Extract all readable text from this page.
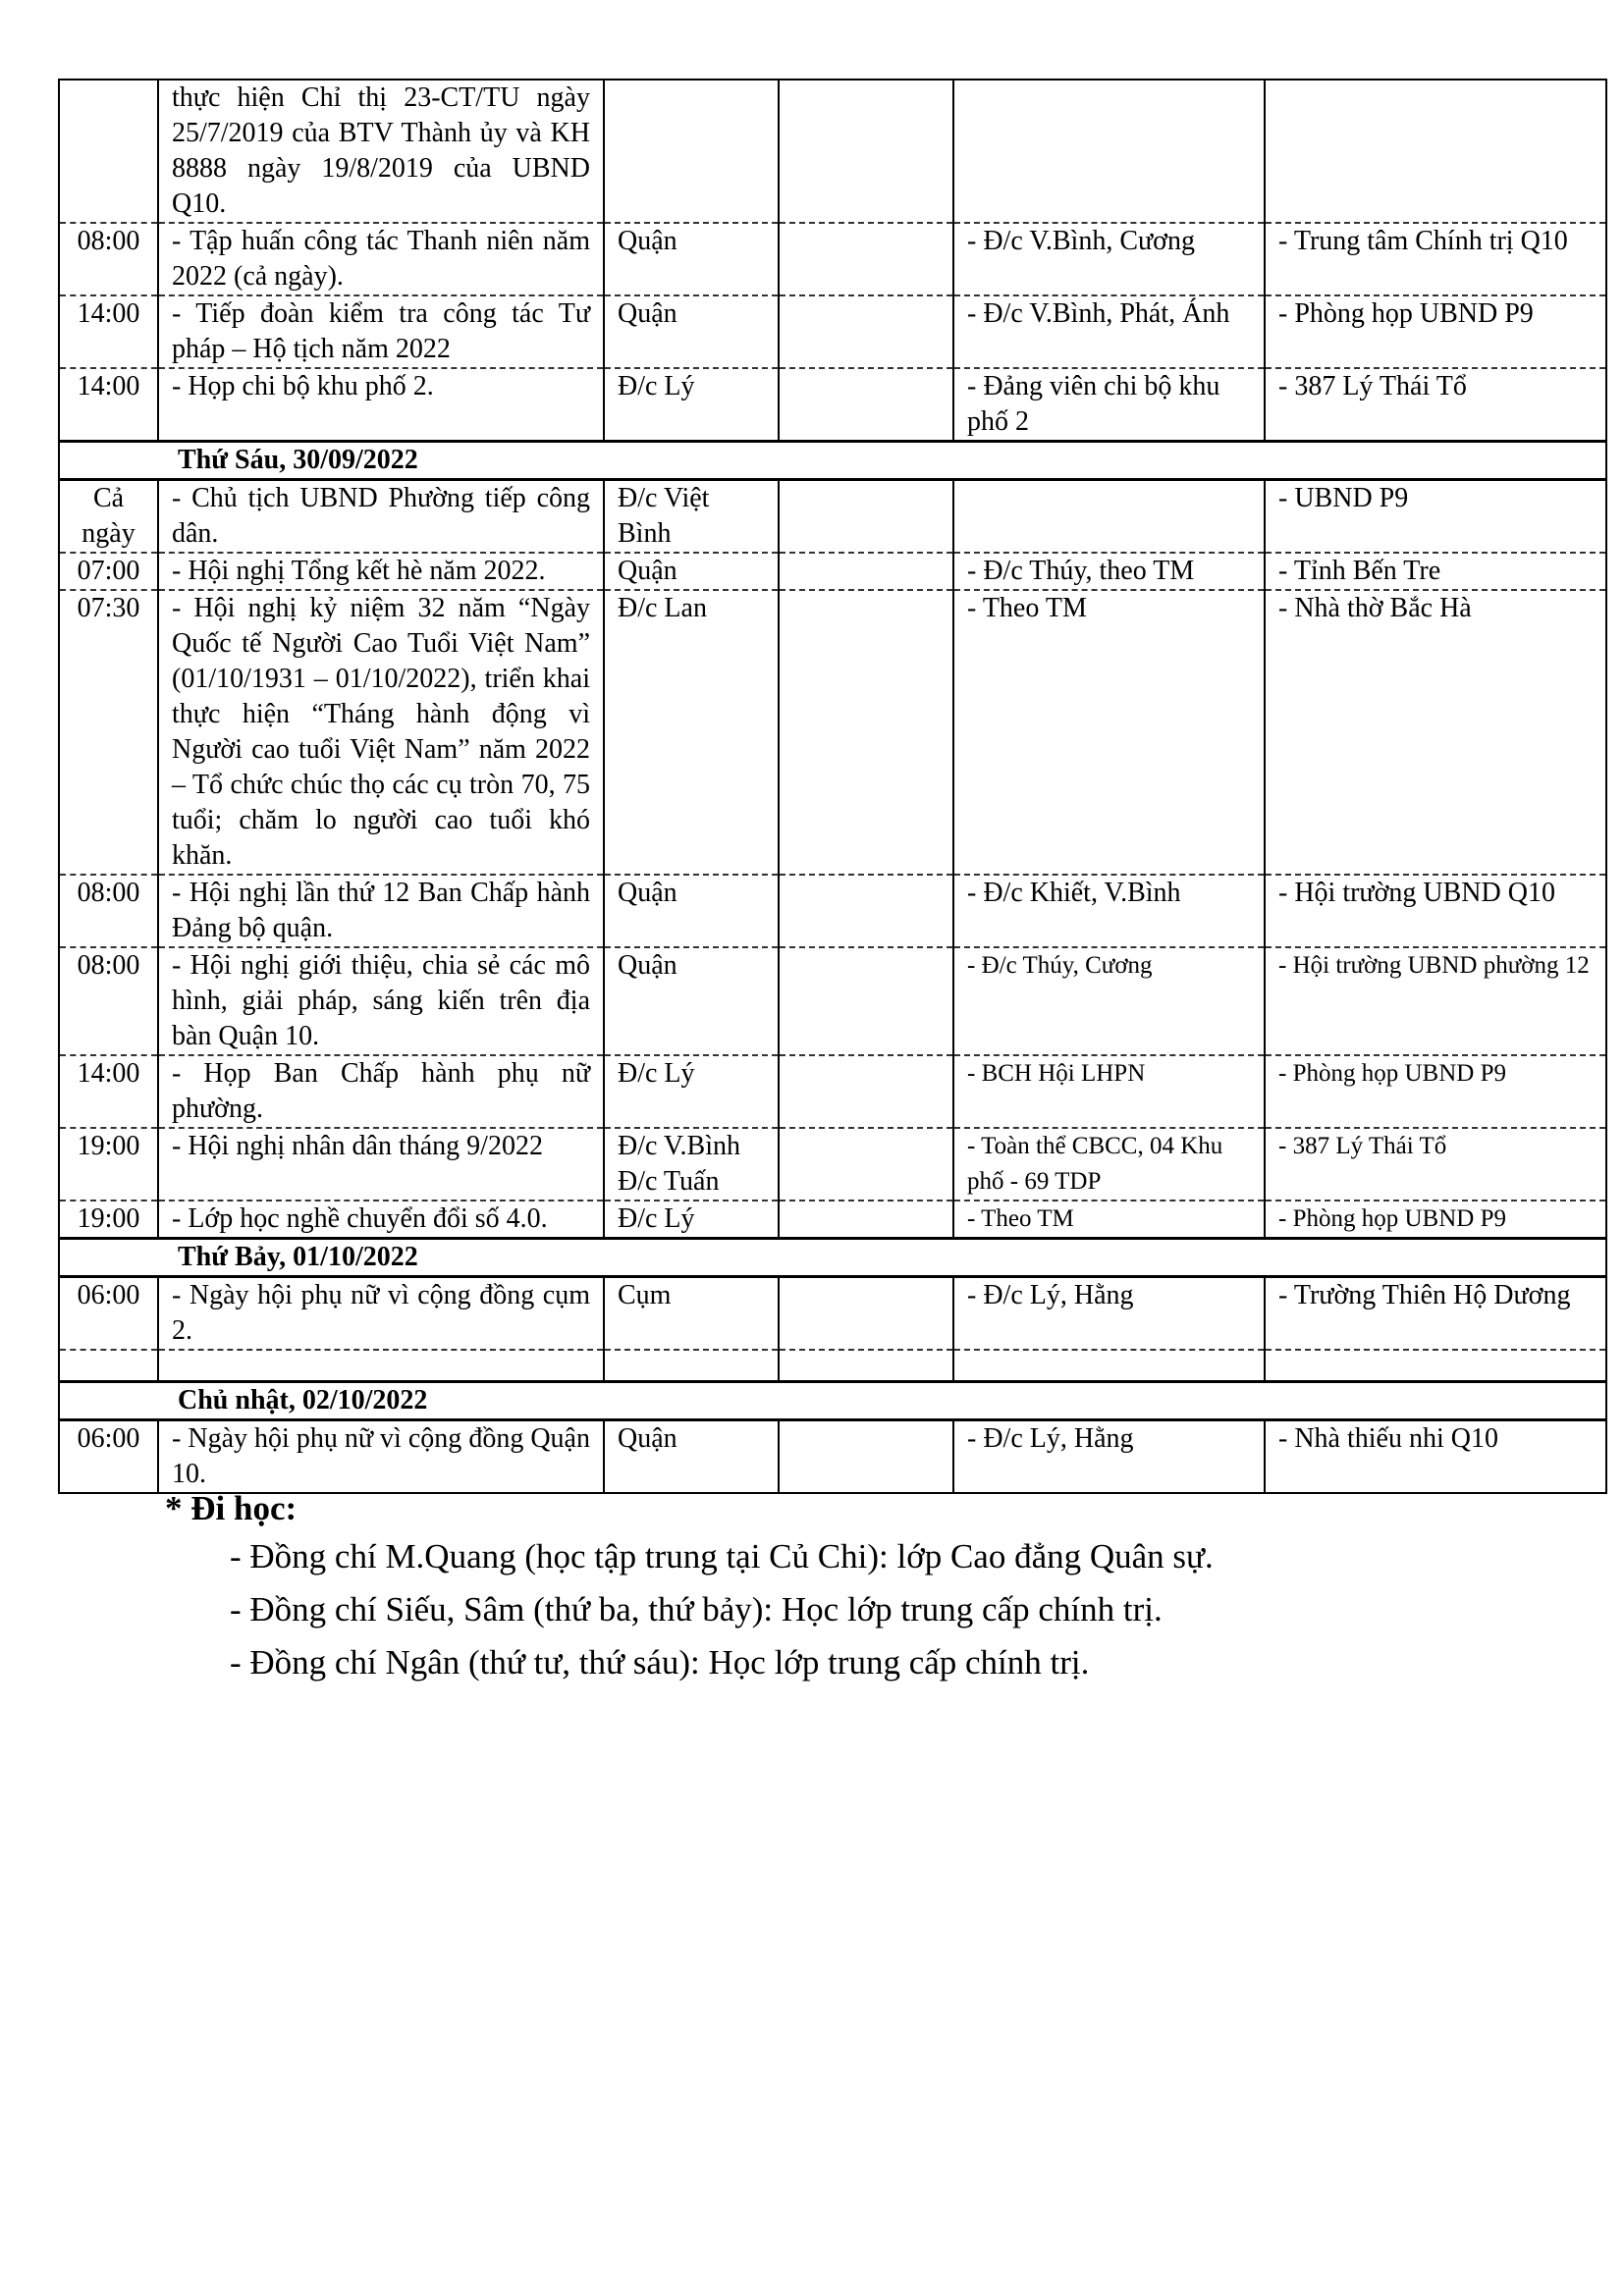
	thực hiện Chỉ thị 23-CT/TU ngày 25/7/2019 của BTV Thành ủy và KH 8888 ngày 19/8/2019 của UBND Q10.				
08:00	- Tập huấn công tác Thanh niên năm 2022 (cả ngày).	Quận		- Đ/c V.Bình, Cương	- Trung tâm Chính trị Q10
14:00	- Tiếp đoàn kiểm tra công tác Tư pháp – Hộ tịch năm 2022	Quận		- Đ/c V.Bình, Phát, Ánh	- Phòng họp UBND P9
14:00	- Họp chi bộ khu phố 2.	Đ/c Lý		- Đảng viên chi bộ khu phố 2	- 387 Lý Thái Tổ
Thứ Sáu, 30/09/2022					
Cả ngày	- Chủ tịch UBND Phường tiếp công dân.	Đ/c Việt Bình			- UBND P9
07:00	- Hội nghị Tổng kết hè năm 2022.	Quận		- Đ/c Thúy, theo TM	- Tỉnh Bến Tre
07:30	- Hội nghị kỷ niệm 32 năm “Ngày Quốc tế Người Cao Tuổi Việt Nam” (01/10/1931 – 01/10/2022), triển khai thực hiện “Tháng hành động vì Người cao tuổi Việt Nam” năm 2022 – Tổ chức chúc thọ các cụ tròn 70, 75 tuổi; chăm lo người cao tuổi khó khăn.	Đ/c Lan		- Theo TM	- Nhà thờ Bắc Hà
08:00	- Hội nghị lần thứ 12 Ban Chấp hành Đảng bộ quận.	Quận		- Đ/c Khiết, V.Bình	- Hội trường UBND Q10
08:00	- Hội nghị giới thiệu, chia sẻ các mô hình, giải pháp, sáng kiến trên địa bàn Quận 10.	Quận		- Đ/c Thúy, Cương	- Hội trường UBND phường 12
14:00	- Họp Ban Chấp hành phụ nữ phường.	Đ/c Lý		- BCH Hội LHPN	- Phòng họp UBND P9
19:00	- Hội nghị nhân dân tháng 9/2022	Đ/c V.Bình Đ/c Tuấn		- Toàn thể CBCC, 04 Khu phố - 69 TDP	- 387 Lý Thái Tổ
19:00	- Lớp học nghề chuyển đổi số 4.0.	Đ/c Lý		- Theo TM	- Phòng họp UBND P9
Thứ Bảy, 01/10/2022					
06:00	- Ngày hội phụ nữ vì cộng đồng cụm 2.	Cụm		- Đ/c Lý, Hằng	- Trường Thiên Hộ Dương

Chủ nhật, 02/10/2022					
06:00	- Ngày hội phụ nữ vì cộng đồng Quận 10.	Quận		- Đ/c Lý, Hằng	- Nhà thiếu nhi Q10
* Đi học:
- Đồng chí M.Quang (học tập trung tại Củ Chi): lớp Cao đẳng Quân sự.
- Đồng chí Siếu, Sâm (thứ ba, thứ bảy): Học lớp trung cấp chính trị.
- Đồng chí Ngân (thứ tư, thứ sáu): Học lớp trung cấp chính trị.
